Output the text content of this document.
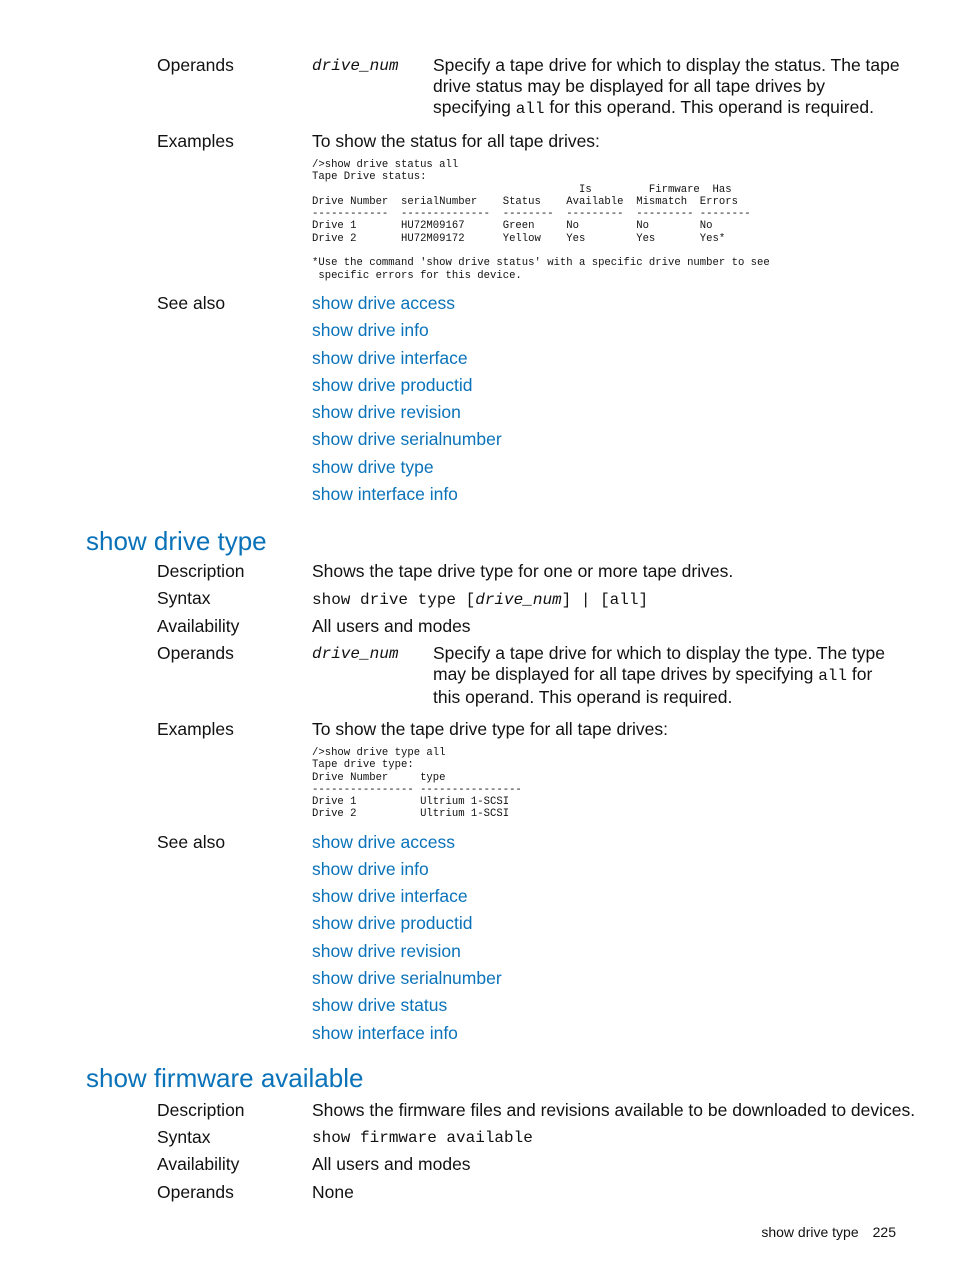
Operands	drive_num Specify a tape drive for which to display the status. The tape drive status may be displayed for all tape drives by specifying all for this operand. This operand is required.
Examples	To show the status for all tape drives:
/>show drive status all
Tape Drive status:
Is         Firmware  Has
Drive Number  serialNumber    Status    Available  Mismatch  Errors
------------  --------------  --------  ---------  --------- --------
Drive 1       HU72M09167      Green     No         No        No
Drive 2       HU72M09172      Yellow    Yes        Yes       Yes*

*Use the command 'show drive status' with a specific drive number to see
specific errors for this device.
See also	show drive access
show drive info
show drive interface
show drive productid
show drive revision
show drive serialnumber
show drive type
show interface info
show drive type
Description	Shows the tape drive type for one or more tape drives.
Syntax	show drive type [drive_num] | [all]
Availability	All users and modes
Operands	drive_num Specify a tape drive for which to display the type. The type may be displayed for all tape drives by specifying all for this operand. This operand is required.
Examples	To show the tape drive type for all tape drives:
/>show drive type all
Tape drive type:
Drive Number     type
---------------- ----------------
Drive 1          Ultrium 1-SCSI
Drive 2          Ultrium 1-SCSI
See also	show drive access
show drive info
show drive interface
show drive productid
show drive revision
show drive serialnumber
show drive status
show interface info
show firmware available
Description	Shows the firmware files and revisions available to be downloaded to devices.
Syntax	show firmware available
Availability	All users and modes
Operands	None
show drive type 225
